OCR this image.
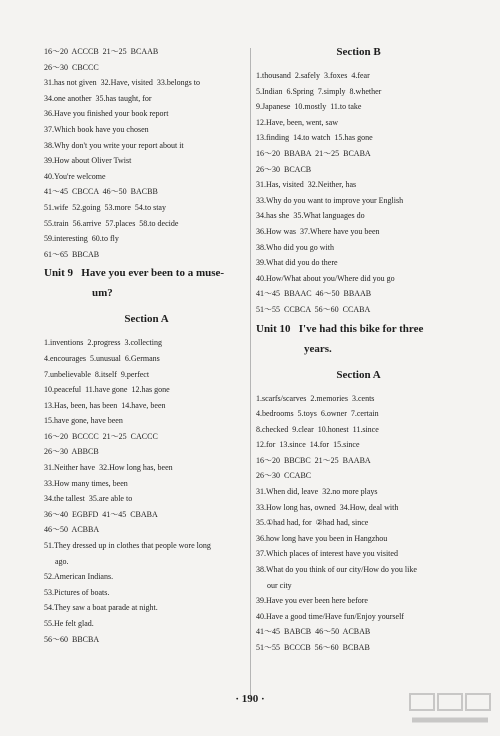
16～20  ACCCB  21～25  BCAAB
26～30  CBCCC
31.has not given  32.Have, visited  33.belongs to
34.one another  35.has taught, for
36.Have you finished your book report
37.Which book have you chosen
38.Why don't you write your report about it
39.How about Oliver Twist
40.You're welcome
41～45  CBCCA  46～50  BACBB
51.wife  52.going  53.more  54.to stay
55.train  56.arrive  57.places  58.to decide
59.interesting  60.to fly
61～65  BBCAB
Unit 9   Have you ever been to a muse-
um?
Section A
1.inventions  2.progress  3.collecting
4.encourages  5.unusual  6.Germans
7.unbelievable  8.itself  9.perfect
10.peaceful  11.have gone  12.has gone
13.Has, been, has been  14.have, been
15.have gone, have been
16～20  BCCCC  21～25  CACCC
26～30  ABBCB
31.Neither have  32.How long has, been
33.How many times, been
34.the tallest  35.are able to
36～40  EGBFD  41～45  CBABA
46～50  ACBBA
51.They dressed up in clothes that people wore long
ago.
52.American Indians.
53.Pictures of boats.
54.They saw a boat parade at night.
55.He felt glad.
56～60  BBCBA
Section B
1.thousand  2.safely  3.foxes  4.fear
5.Indian  6.Spring  7.simply  8.whether
9.Japanese  10.mostly  11.to take
12.Have, been, went, saw
13.finding  14.to watch  15.has gone
16～20  BBABA  21～25  BCABA
26～30  BCACB
31.Has, visited  32.Neither, has
33.Why do you want to improve your English
34.has she  35.What languages do
36.How was  37.Where have you been
38.Who did you go with
39.What did you do there
40.How/What about you/Where did you go
41～45  BBAAC  46～50  BBAAB
51～55  CCBCA  56～60  CCABA
Unit 10   I've had this bike for three
years.
Section A
1.scarfs/scarves  2.memories  3.cents
4.bedrooms  5.toys  6.owner  7.certain
8.checked  9.clear  10.honest  11.since
12.for  13.since  14.for  15.since
16～20  BBCBC  21～25  BAABA
26～30  CCABC
31.When did, leave  32.no more plays
33.How long has, owned  34.How, deal with
35.①had had, for  ②had had, since
36.how long have you been in Hangzhou
37.Which places of interest have you visited
38.What do you think of our city/How do you like
our city
39.Have you ever been here before
40.Have a good time/Have fun/Enjoy yourself
41～45  BABCB  46～50  ACBAB
51～55  BCCCB  56～60  BCBAB
· 190 ·
